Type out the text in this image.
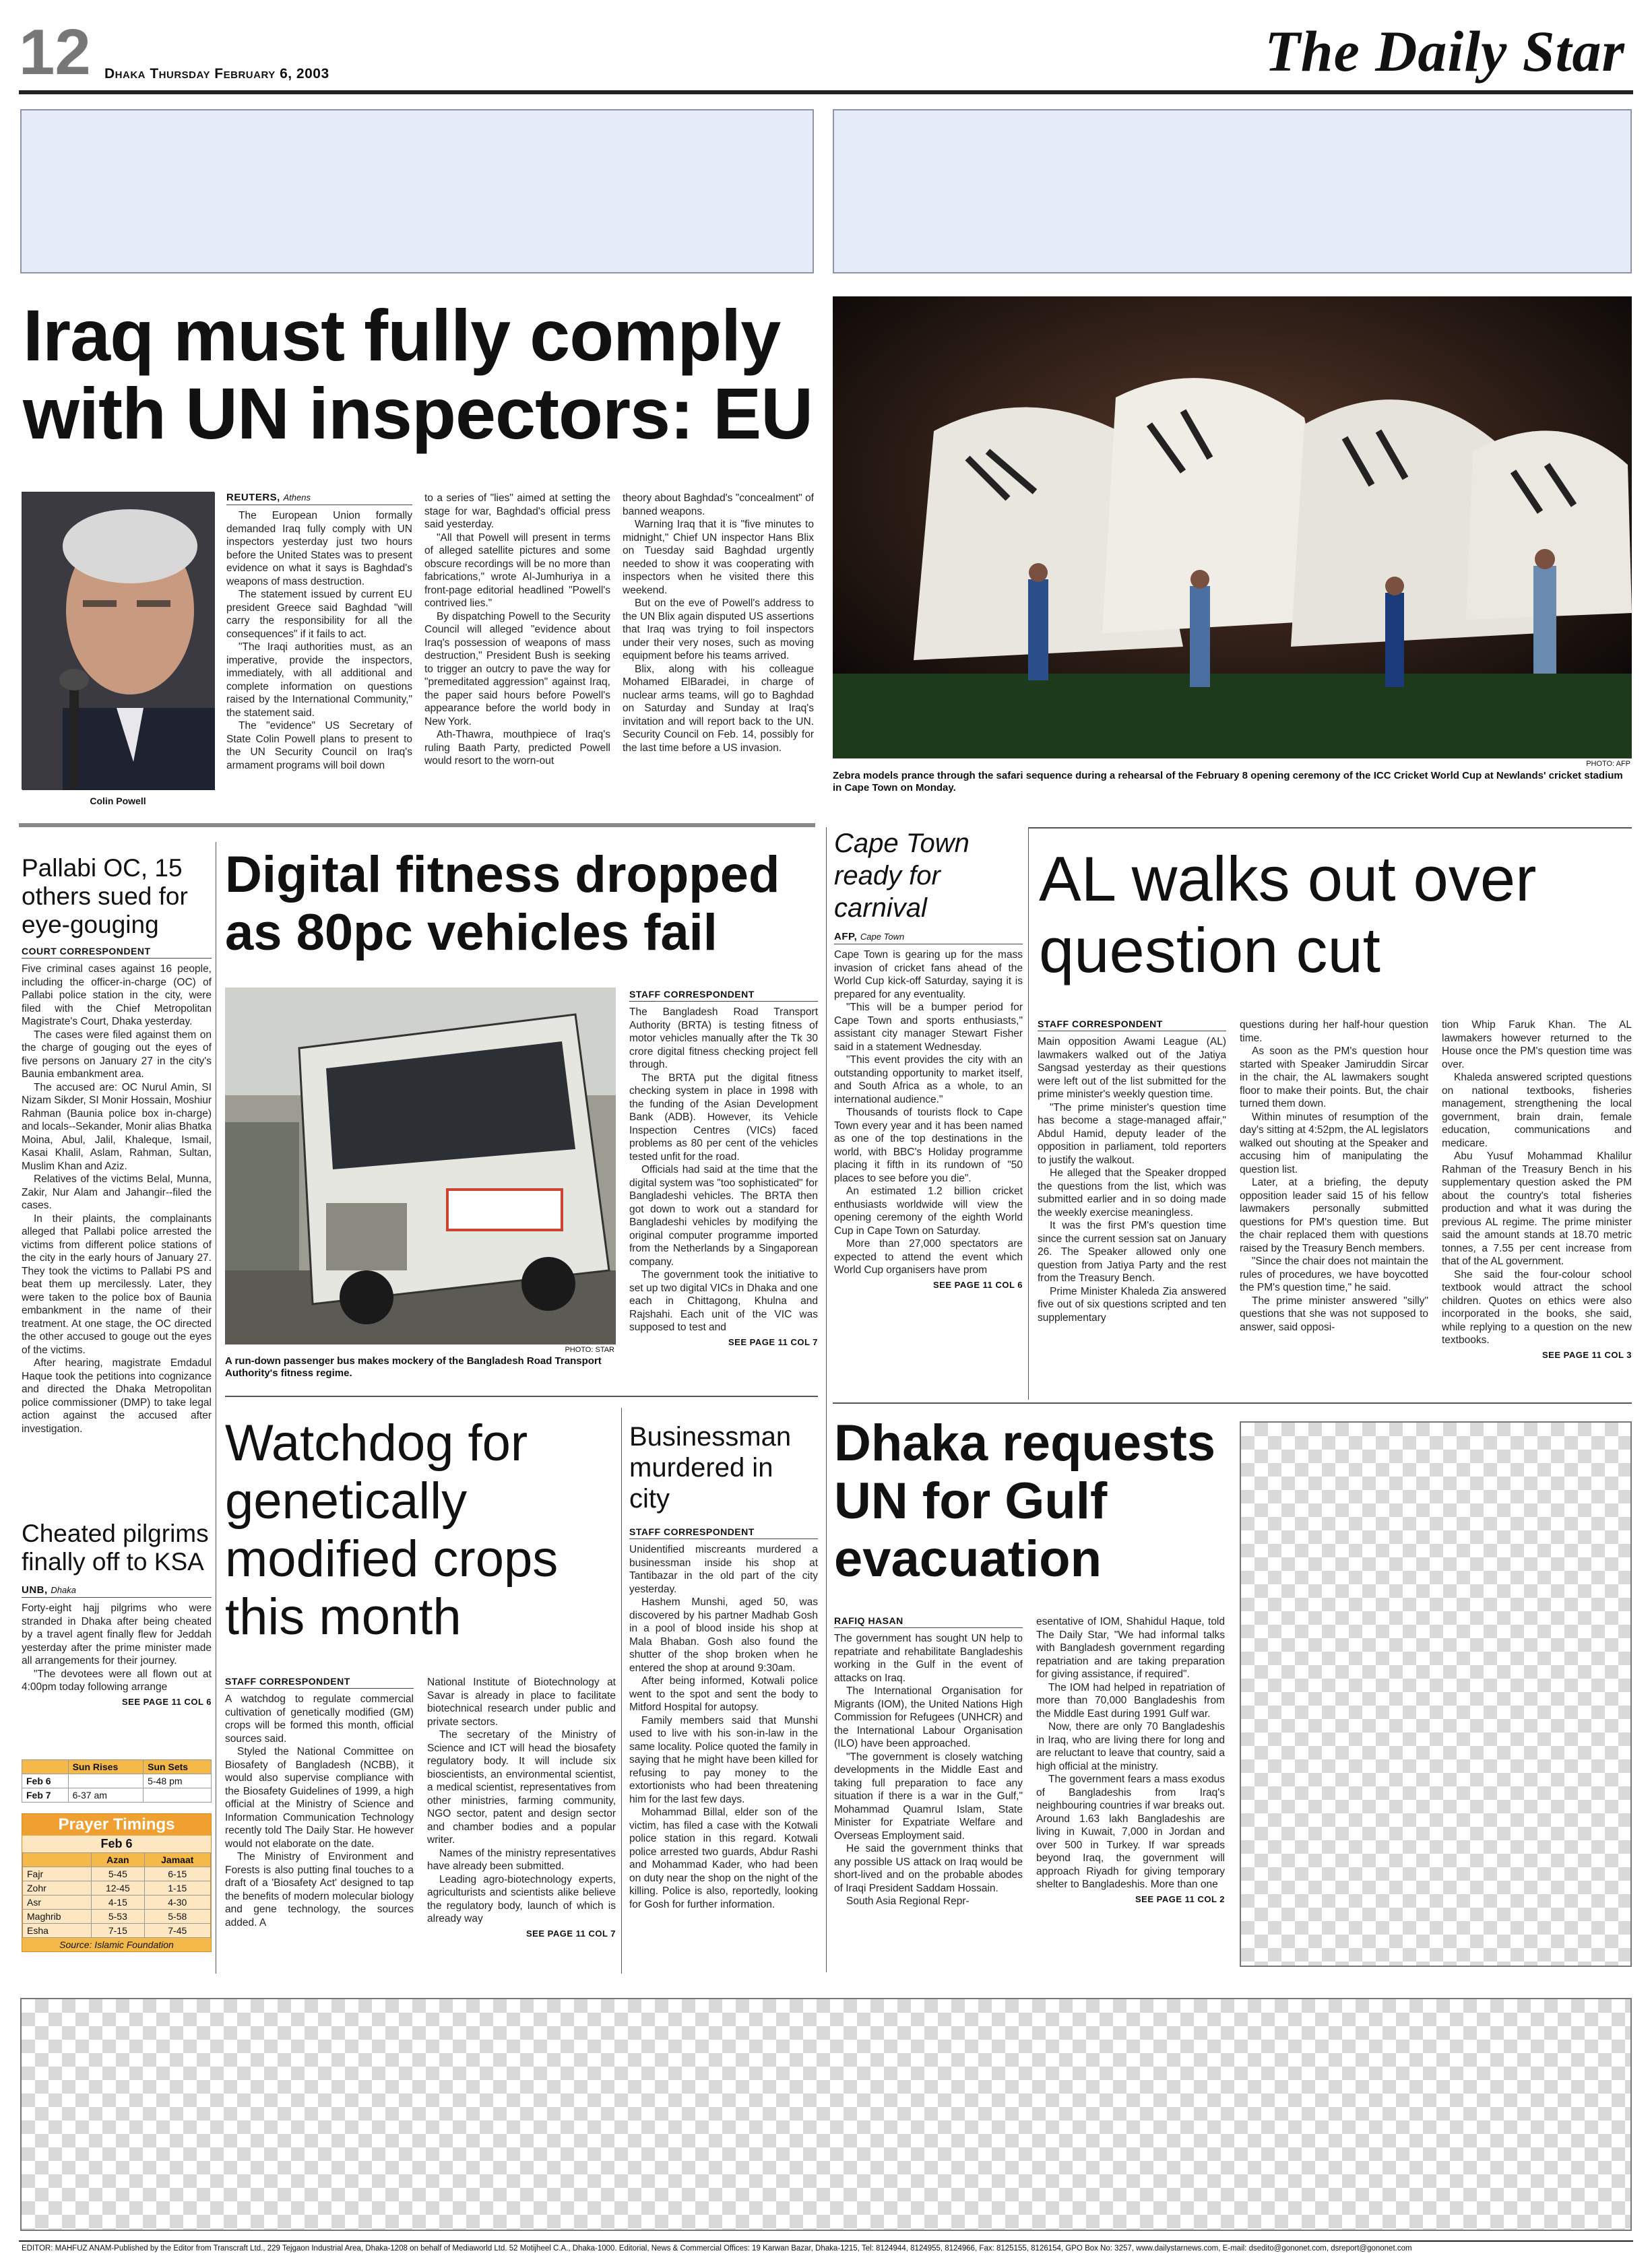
12 Dhaka Thursday February 6, 2003	The Daily Star
Iraq must fully comply with UN inspectors: EU
Colin Powell
REUTERS, Athens

The European Union formally demanded Iraq fully comply with UN inspectors yesterday just two hours before the United States was to present evidence on what it says is Baghdad's weapons of mass destruction.

The statement issued by current EU president Greece said Baghdad "will carry the responsibility for all the consequences" if it fails to act.

"The Iraqi authorities must, as an imperative, provide the inspectors, immediately, with all additional and complete information on questions raised by the International Community," the statement said.

The "evidence" US Secretary of State Colin Powell plans to present to the UN Security Council on Iraq's armament programs will boil down

to a series of "lies" aimed at setting the stage for war, Baghdad's official press said yesterday.

"All that Powell will present in terms of alleged satellite pictures and some obscure recordings will be no more than fabrications," wrote Al-Jumhuriya in a front-page editorial headlined "Powell's contrived lies."

By dispatching Powell to the Security Council will alleged "evidence about Iraq's possession of weapons of mass destruction," President Bush is seeking to trigger an outcry to pave the way for "premeditated aggression" against Iraq, the paper said hours before Powell's appearance before the world body in New York.

Ath-Thawra, mouthpiece of Iraq's ruling Baath Party, predicted Powell would resort to the worn-out

theory about Baghdad's "concealment" of banned weapons.

Warning Iraq that it is "five minutes to midnight," Chief UN inspector Hans Blix on Tuesday said Baghdad urgently needed to show it was cooperating with inspectors when he visited there this weekend.

But on the eve of Powell's address to the UN Blix again disputed US assertions that Iraq was trying to foil inspectors under their very noses, such as moving equipment before his teams arrived.

Blix, along with his colleague Mohamed ElBaradei, in charge of nuclear arms teams, will go to Baghdad on Saturday and Sunday at Iraq's invitation and will report back to the UN. Security Council on Feb. 14, possibly for the last time before a US invasion.

PHOTO: AFP
Zebra models prance through the safari sequence during a rehearsal of the February 8 opening ceremony of the ICC Cricket World Cup at Newlands' cricket stadium in Cape Town on Monday.
Pallabi OC, 15 others sued for eye-gouging
COURT CORRESPONDENT

Five criminal cases against 16 people, including the officer-in-charge (OC) of Pallabi police station in the city, were filed with the Chief Metropolitan Magistrate's Court, Dhaka yesterday.

The cases were filed against them on the charge of gouging out the eyes of five persons on January 27 in the city's Baunia embankment area.

The accused are: OC Nurul Amin, SI Nizam Sikder, SI Monir Hossain, Moshiur Rahman (Baunia police box in-charge) and locals--Sekander, Monir alias Bhatka Moina, Abul, Jalil, Khaleque, Ismail, Kasai Khalil, Aslam, Rahman, Sultan, Muslim Khan and Aziz.

Relatives of the victims Belal, Munna, Zakir, Nur Alam and Jahangir--filed the cases.

In their plaints, the complainants alleged that Pallabi police arrested the victims from different police stations of the city in the early hours of January 27. They took the victims to Pallabi PS and beat them up mercilessly. Later, they were taken to the police box of Baunia embankment in the name of their treatment. At one stage, the OC directed the other accused to gouge out the eyes of the victims.

After hearing, magistrate Emdadul Haque took the petitions into cognizance and directed the Dhaka Metropolitan police commissioner (DMP) to take legal action against the accused after investigation.

Cheated pilgrims finally off to KSA
UNB, Dhaka

Forty-eight hajj pilgrims who were stranded in Dhaka after being cheated by a travel agent finally flew for Jeddah yesterday after the prime minister made all arrangements for their journey.

"The devotees were all flown out at 4:00pm today following arrange

SEE PAGE 11 COL 6
	Sun Rises	Sun Sets
Feb 6		5-48 pm
Feb 7	6-37 am	
Prayer Timings
Feb 6
	Azan	Jamaat
Fajr	5-45	6-15
Zohr	12-45	1-15
Asr	4-15	4-30
Maghrib	5-53	5-58
Esha	7-15	7-45
Source: Islamic Foundation
Digital fitness dropped as 80pc vehicles fail
PHOTO: STAR
A run-down passenger bus makes mockery of the Bangladesh Road Transport Authority's fitness regime.
STAFF CORRESPONDENT

The Bangladesh Road Transport Authority (BRTA) is testing fitness of motor vehicles manually after the Tk 30 crore digital fitness checking project fell through.

The BRTA put the digital fitness checking system in place in 1998 with the funding of the Asian Development Bank (ADB). However, its Vehicle Inspection Centres (VICs) faced problems as 80 per cent of the vehicles tested unfit for the road.

Officials had said at the time that the digital system was "too sophisticated" for Bangladeshi vehicles. The BRTA then got down to work out a standard for Bangladeshi vehicles by modifying the original computer programme imported from the Netherlands by a Singaporean company.

The government took the initiative to set up two digital VICs in Dhaka and one each in Chittagong, Khulna and Rajshahi. Each unit of the VIC was supposed to test and

SEE PAGE 11 COL 7
Cape Town ready for carnival
AFP, Cape Town

Cape Town is gearing up for the mass invasion of cricket fans ahead of the World Cup kick-off Saturday, saying it is prepared for any eventuality.

"This will be a bumper period for Cape Town and sports enthusiasts," assistant city manager Stewart Fisher said in a statement Wednesday.

"This event provides the city with an outstanding opportunity to market itself, and South Africa as a whole, to an international audience."

Thousands of tourists flock to Cape Town every year and it has been named as one of the top destinations in the world, with BBC's Holiday programme placing it fifth in its rundown of "50 places to see before you die".

An estimated 1.2 billion cricket enthusiasts worldwide will view the opening ceremony of the eighth World Cup in Cape Town on Saturday.

More than 27,000 spectators are expected to attend the event which World Cup organisers have prom

SEE PAGE 11 COL 6
AL walks out over question cut
STAFF CORRESPONDENT

Main opposition Awami League (AL) lawmakers walked out of the Jatiya Sangsad yesterday as their questions were left out of the list submitted for the prime minister's weekly question time.

"The prime minister's question time has become a stage-managed affair," Abdul Hamid, deputy leader of the opposition in parliament, told reporters to justify the walkout.

He alleged that the Speaker dropped the questions from the list, which was submitted earlier and in so doing made the weekly exercise meaningless.

It was the first PM's question time since the current session sat on January 26. The Speaker allowed only one question from Jatiya Party and the rest from the Treasury Bench.

Prime Minister Khaleda Zia answered five out of six questions scripted and ten supplementary

questions during her half-hour question time.

As soon as the PM's question hour started with Speaker Jamiruddin Sircar in the chair, the AL lawmakers sought floor to make their points. But, the chair turned them down.

Within minutes of resumption of the day's sitting at 4:52pm, the AL legislators walked out shouting at the Speaker and accusing him of manipulating the question list.

Later, at a briefing, the deputy opposition leader said 15 of his fellow lawmakers personally submitted questions for PM's question time. But the chair replaced them with questions raised by the Treasury Bench members.

"Since the chair does not maintain the rules of procedures, we have boycotted the PM's question time," he said.

The prime minister answered "silly" questions that she was not supposed to answer, said opposi-

tion Whip Faruk Khan. The AL lawmakers however returned to the House once the PM's question time was over.

Khaleda answered scripted questions on national textbooks, fisheries management, strengthening the local government, brain drain, female education, communications and medicare.

Abu Yusuf Mohammad Khalilur Rahman of the Treasury Bench in his supplementary question asked the PM about the country's total fisheries production and what it was during the previous AL regime. The prime minister said the amount stands at 18.70 metric tonnes, a 7.55 per cent increase from that of the AL government.

She said the four-colour school textbook would attract the school children. Quotes on ethics were also incorporated in the books, she said, while replying to a question on the new textbooks.

SEE PAGE 11 COL 3
Watchdog for genetically modified crops this month
STAFF CORRESPONDENT

A watchdog to regulate commercial cultivation of genetically modified (GM) crops will be formed this month, official sources said.

Styled the National Committee on Biosafety of Bangladesh (NCBB), it would also supervise compliance with the Biosafety Guidelines of 1999, a high official at the Ministry of Science and Information Communication Technology recently told The Daily Star. He however would not elaborate on the date.

The Ministry of Environment and Forests is also putting final touches to a draft of a 'Biosafety Act' designed to tap the benefits of modern molecular biology and gene technology, the sources added. A

National Institute of Biotechnology at Savar is already in place to facilitate biotechnical research under public and private sectors.

The secretary of the Ministry of Science and ICT will head the biosafety regulatory body. It will include six bioscientists, an environmental scientist, a medical scientist, representatives from other ministries, farming community, NGO sector, patent and design sector and chamber bodies and a popular writer.

Names of the ministry representatives have already been submitted.

Leading agro-biotechnology experts, agriculturists and scientists alike believe the regulatory body, launch of which is already way

SEE PAGE 11 COL 7
Businessman murdered in city
STAFF CORRESPONDENT

Unidentified miscreants murdered a businessman inside his shop at Tantibazar in the old part of the city yesterday.

Hashem Munshi, aged 50, was discovered by his partner Madhab Gosh in a pool of blood inside his shop at Mala Bhaban. Gosh also found the shutter of the shop broken when he entered the shop at around 9:30am.

After being informed, Kotwali police went to the spot and sent the body to Mitford Hospital for autopsy.

Family members said that Munshi used to live with his son-in-law in the same locality. Police quoted the family in saying that he might have been killed for refusing to pay money to the extortionists who had been threatening him for the last few days.

Mohammad Billal, elder son of the victim, has filed a case with the Kotwali police station in this regard. Kotwali police arrested two guards, Abdur Rashi and Mohammad Kader, who had been on duty near the shop on the night of the killing. Police is also, reportedly, looking for Gosh for further information.

Dhaka requests UN for Gulf evacuation
RAFIQ HASAN

The government has sought UN help to repatriate and rehabilitate Bangladeshis working in the Gulf in the event of attacks on Iraq.

The International Organisation for Migrants (IOM), the United Nations High Commission for Refugees (UNHCR) and the International Labour Organisation (ILO) have been approached.

"The government is closely watching developments in the Middle East and taking full preparation to face any situation if there is a war in the Gulf," Mohammad Quamrul Islam, State Minister for Expatriate Welfare and Overseas Employment said.

He said the government thinks that any possible US attack on Iraq would be short-lived and on the probable abodes of Iraqi President Saddam Hossain.

South Asia Regional Repr-

esentative of IOM, Shahidul Haque, told The Daily Star, "We had informal talks with Bangladesh government regarding repatriation and are taking preparation for giving assistance, if required".

The IOM had helped in repatriation of more than 70,000 Bangladeshis from the Middle East during 1991 Gulf war.

Now, there are only 70 Bangladeshis in Iraq, who are living there for long and are reluctant to leave that country, said a high official at the ministry.

The government fears a mass exodus of Bangladeshis from Iraq's neighbouring countries if war breaks out. Around 1.63 lakh Bangladeshis are living in Kuwait, 7,000 in Jordan and over 500 in Turkey. If war spreads beyond Iraq, the government will approach Riyadh for giving temporary shelter to Bangladeshis. More than one

SEE PAGE 11 COL 2
EDITOR: MAHFUZ ANAM-Published by the Editor from Transcraft Ltd., 229 Tejgaon Industrial Area, Dhaka-1208 on behalf of Mediaworld Ltd. 52 Motijheel C.A., Dhaka-1000. Editorial, News & Commercial Offices: 19 Karwan Bazar, Dhaka-1215, Tel: 8124944, 8124955, 8124966, Fax: 8125155, 8126154, GPO Box No: 3257, www.dailystarnews.com, E-mail: dsedito@gononet.com, dsreport@gononet.com
